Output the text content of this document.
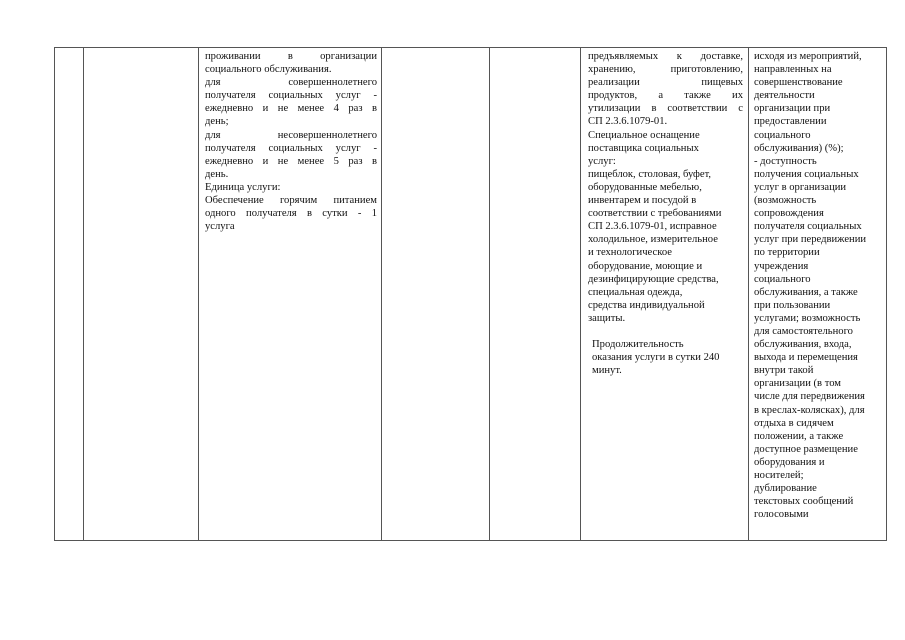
проживании в организации
социального обслуживания.
для совершеннолетнего
получателя социальных услуг -
ежедневно и не менее 4 раз в
день;
для несовершеннолетнего
получателя социальных услуг -
ежедневно и не менее 5 раз в
день.
Единица услуги:
Обеспечение горячим питанием
одного получателя в сутки - 1
услуга
предъявляемых к доставке,
хранению, приготовлению,
реализации пищевых
продуктов, а также их
утилизации в соответствии с
СП 2.3.6.1079-01.
Специальное оснащение
поставщика социальных
услуг:
пищеблок, столовая, буфет,
оборудованные мебелью,
инвентарем и посудой в
соответствии с требованиями
СП 2.3.6.1079-01, исправное
холодильное, измерительное
и технологическое
оборудование, моющие и
дезинфицирующие средства,
специальная одежда,
средства индивидуальной
защиты.
Продолжительность
оказания услуги в сутки 240
минут.
исходя из мероприятий,
направленных на
совершенствование
деятельности
организации при
предоставлении
социального
обслуживания) (%);
- доступность
получения социальных
услуг в организации
(возможность
сопровождения
получателя социальных
услуг при передвижении
по территории
учреждения
социального
обслуживания, а также
при пользовании
услугами; возможность
для самостоятельного
обслуживания, входа,
выхода и перемещения
внутри такой
организации (в том
числе для передвижения
в креслах-колясках), для
отдыха в сидячем
положении, а также
доступное размещение
оборудования и
носителей;
дублирование
текстовых сообщений
голосовыми
